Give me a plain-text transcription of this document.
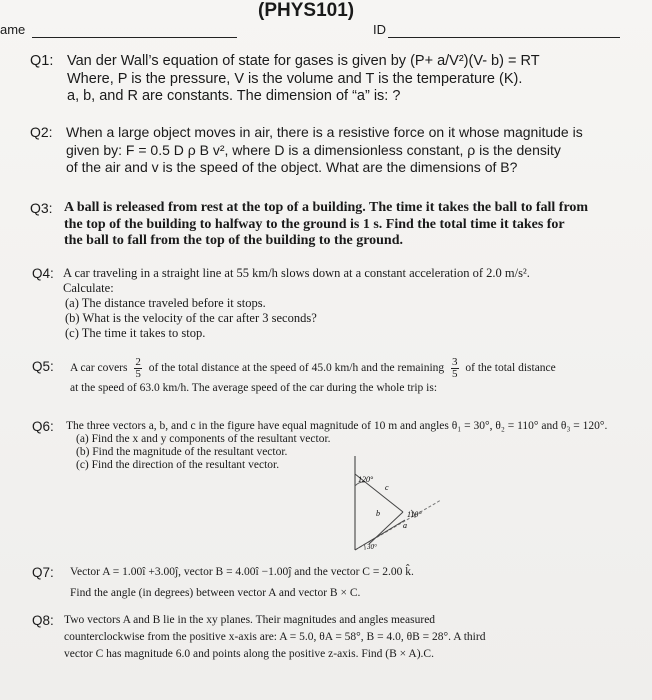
(PHYS101)
ame	ID
Q1: Van der Wall’s equation of state for gases is given by (P+ a/V²)(V- b) = RT
Where, P is the pressure, V is the volume and T is the temperature (K).
a, b, and R are constants. The dimension of “a” is: ?
Q2: When a large object moves in air, there is a resistive force on it whose magnitude is
given by: F = 0.5 D ρ B v², where D is a dimensionless constant, ρ is the density
of the air and v is the speed of the object. What are the dimensions of B?
Q3: A ball is released from rest at the top of a building. The time it takes the ball to fall from
the top of the building to halfway to the ground is 1 s. Find the total time it takes for
the ball to fall from the top of the building to the ground.
Q4: A car traveling in a straight line at 55 km/h slows down at a constant acceleration of 2.0 m/s².
Calculate:
(a) The distance traveled before it stops.
(b) What is the velocity of the car after 3 seconds?
(c) The time it takes to stop.
Q5: A car covers $\frac{2}{5}$ of the total distance at the speed of 45.0 km/h and the remaining $\frac{3}{5}$ of the total distance
at the speed of 63.0 km/h. The average speed of the car during the whole trip is:
Q6: The three vectors a, b, and c in the figure have equal magnitude of 10 m and angles θ₁ = 30°, θ₂ = 110° and θ₃ = 120°.
(a) Find the x and y components of the resultant vector.
(b) Find the magnitude of the resultant vector.
(c) Find the direction of the resultant vector.
120°
110°
30°
c
b
a
Q7: Vector A = 1.00î +3.00ĵ, vector B = 4.00î −1.00ĵ and the vector C = 2.00 k̂.
Find the angle (in degrees) between vector A and vector B × C.
Q8: Two vectors A and B lie in the xy planes. Their magnitudes and angles measured
counterclockwise from the positive x-axis are: A = 5.0, θA = 58°, B = 4.0, θB = 28°. A third
vector C has magnitude 6.0 and points along the positive z-axis. Find (B × A).C.
